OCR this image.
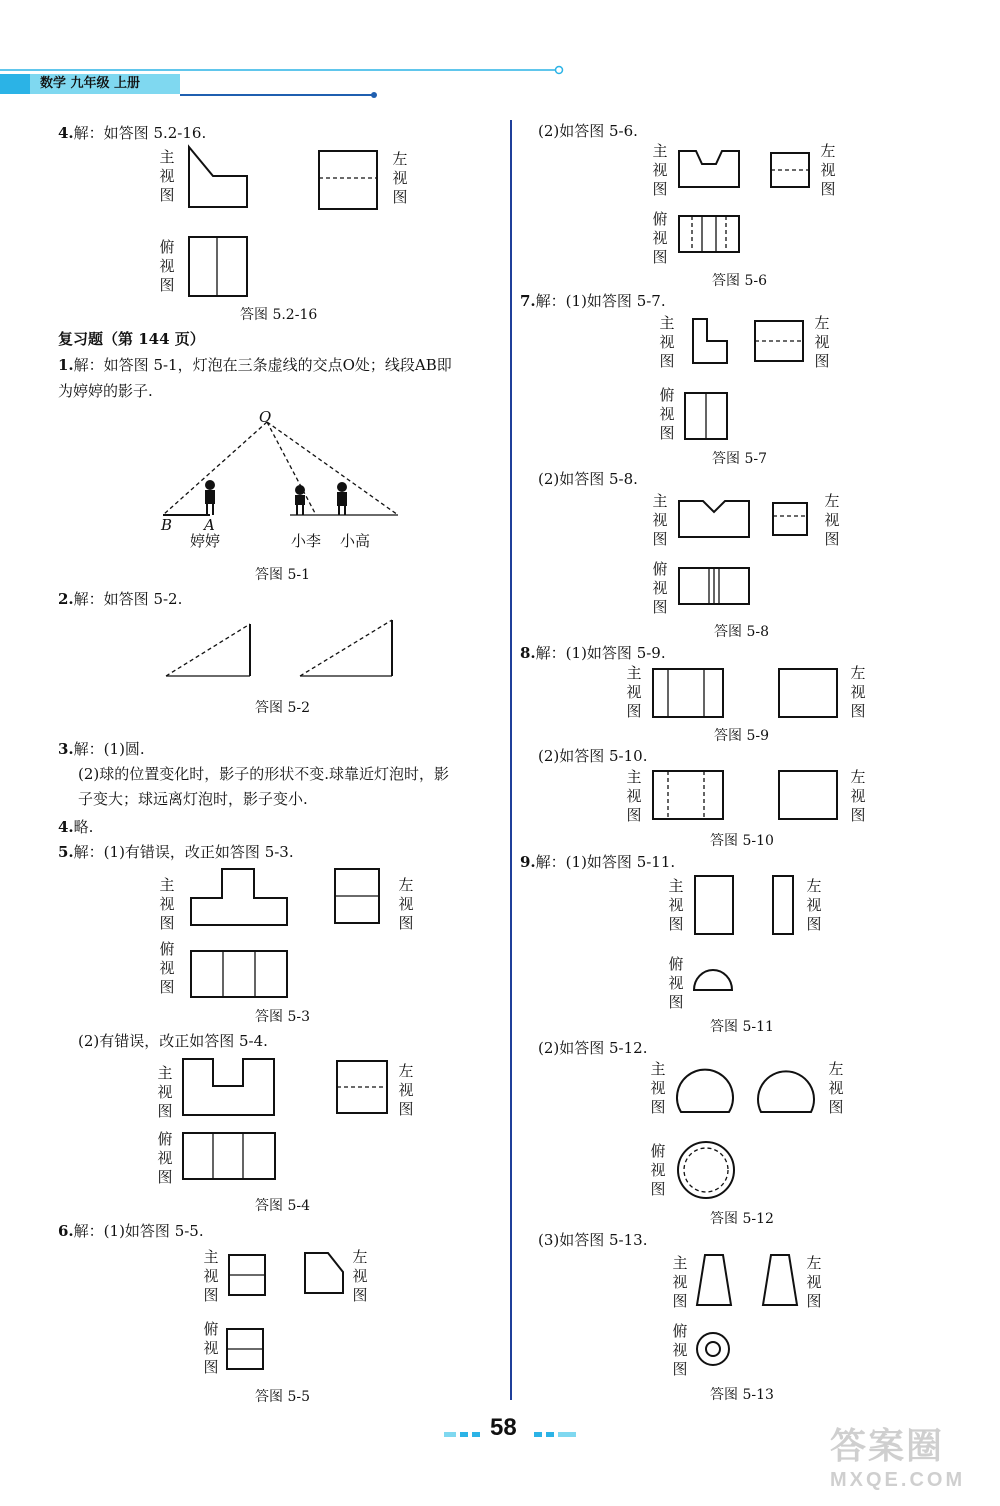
数学 九年级 上册
4.解：如答图 5.2-16.
主视图
左视图
俯视图
答图 5.2-16
复习题（第 144 页）
1.解：如答图 5-1，灯泡在三条虚线的交点O处；线段AB即
为婷婷的影子.
O
B A
婷婷	小李 小高
答图 5-1
2.解：如答图 5-2.
答图 5-2
3.解：(1)圆.
(2)球的位置变化时，影子的形状不变.球靠近灯泡时，影
子变大；球远离灯泡时，影子变小.
4.略.
5.解：(1)有错误，改正如答图 5-3.
主视图
左视图
俯视图
答图 5-3
(2)有错误，改正如答图 5-4.
主视图
左视图
俯视图
答图 5-4
6.解：(1)如答图 5-5.
主视图
左视图
俯视图
答图 5-5
(2)如答图 5-6.
主视图
左视图
俯视图
答图 5-6
7.解：(1)如答图 5-7.
主视图
左视图
俯视图
答图 5-7
(2)如答图 5-8.
主视图
左视图
俯视图
答图 5-8
8.解：(1)如答图 5-9.
主视图
左视图
答图 5-9
(2)如答图 5-10.
主视图
左视图
答图 5-10
9.解：(1)如答图 5-11.
主视图
左视图
俯视图
答图 5-11
(2)如答图 5-12.
主视图
左视图
俯视图
答图 5-12
(3)如答图 5-13.
主视图
左视图
俯视图
答图 5-13
58	答案圈
MXQE.COM
